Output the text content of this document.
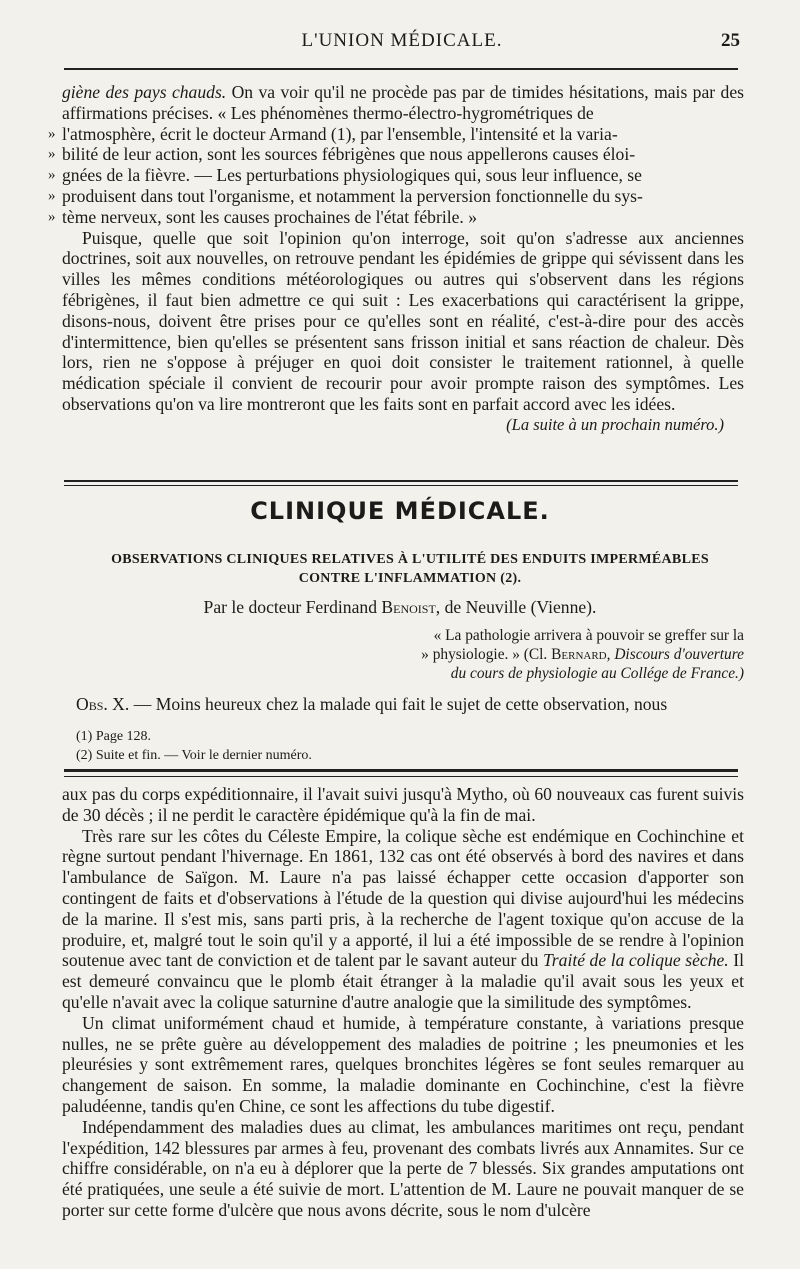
L'UNION MÉDICALE.	25

giène des pays chauds. On va voir qu'il ne procède pas par de timides hésitations, mais par des affirmations précises. « Les phénomènes thermo-électro-hygrométriques de

» l'atmosphère, écrit le docteur Armand (1), par l'ensemble, l'intensité et la varia-

» bilité de leur action, sont les sources fébrigènes que nous appellerons causes éloi-

» gnées de la fièvre. — Les perturbations physiologiques qui, sous leur influence, se

» produisent dans tout l'organisme, et notamment la perversion fonctionnelle du sys-

» tème nerveux, sont les causes prochaines de l'état fébrile. »

Puisque, quelle que soit l'opinion qu'on interroge, soit qu'on s'adresse aux anciennes doctrines, soit aux nouvelles, on retrouve pendant les épidémies de grippe qui sévissent dans les villes les mêmes conditions météorologiques ou autres qui s'observent dans les régions fébrigènes, il faut bien admettre ce qui suit : Les exacerbations qui caractérisent la grippe, disons-nous, doivent être prises pour ce qu'elles sont en réalité, c'est-à-dire pour des accès d'intermittence, bien qu'elles se présentent sans frisson initial et sans réaction de chaleur. Dès lors, rien ne s'oppose à préjuger en quoi doit consister le traitement rationnel, à quelle médication spéciale il convient de recourir pour avoir prompte raison des symptômes. Les observations qu'on va lire montreront que les faits sont en parfait accord avec les idées.

(La suite à un prochain numéro.)

CLINIQUE MÉDICALE.
OBSERVATIONS CLINIQUES RELATIVES À L'UTILITÉ DES ENDUITS IMPERMÉABLES
CONTRE L'INFLAMMATION (2).
Par le docteur Ferdinand Benoist, de Neuville (Vienne).
« La pathologie arrivera à pouvoir se greffer sur la
» physiologie. » (Cl. Bernard, Discours d'ouverture
du cours de physiologie au Collége de France.)
Obs. X. — Moins heureux chez la malade qui fait le sujet de cette observation, nous
(1) Page 128.
(2) Suite et fin. — Voir le dernier numéro.

aux pas du corps expéditionnaire, il l'avait suivi jusqu'à Mytho, où 60 nouveaux cas furent suivis de 30 décès ; il ne perdit le caractère épidémique qu'à la fin de mai.

Très rare sur les côtes du Céleste Empire, la colique sèche est endémique en Cochinchine et règne surtout pendant l'hivernage. En 1861, 132 cas ont été observés à bord des navires et dans l'ambulance de Saïgon. M. Laure n'a pas laissé échapper cette occasion d'apporter son contingent de faits et d'observations à l'étude de la question qui divise aujourd'hui les médecins de la marine. Il s'est mis, sans parti pris, à la recherche de l'agent toxique qu'on accuse de la produire, et, malgré tout le soin qu'il y a apporté, il lui a été impossible de se rendre à l'opinion soutenue avec tant de conviction et de talent par le savant auteur du Traité de la colique sèche. Il est demeuré convaincu que le plomb était étranger à la maladie qu'il avait sous les yeux et qu'elle n'avait avec la colique saturnine d'autre analogie que la similitude des symptômes.

Un climat uniformément chaud et humide, à température constante, à variations presque nulles, ne se prête guère au développement des maladies de poitrine ; les pneumonies et les pleurésies y sont extrêmement rares, quelques bronchites légères se font seules remarquer au changement de saison. En somme, la maladie dominante en Cochinchine, c'est la fièvre paludéenne, tandis qu'en Chine, ce sont les affections du tube digestif.

Indépendamment des maladies dues au climat, les ambulances maritimes ont reçu, pendant l'expédition, 142 blessures par armes à feu, provenant des combats livrés aux Annamites. Sur ce chiffre considérable, on n'a eu à déplorer que la perte de 7 blessés. Six grandes amputations ont été pratiquées, une seule a été suivie de mort. L'attention de M. Laure ne pouvait manquer de se porter sur cette forme d'ulcère que nous avons décrite, sous le nom d'ulcère
